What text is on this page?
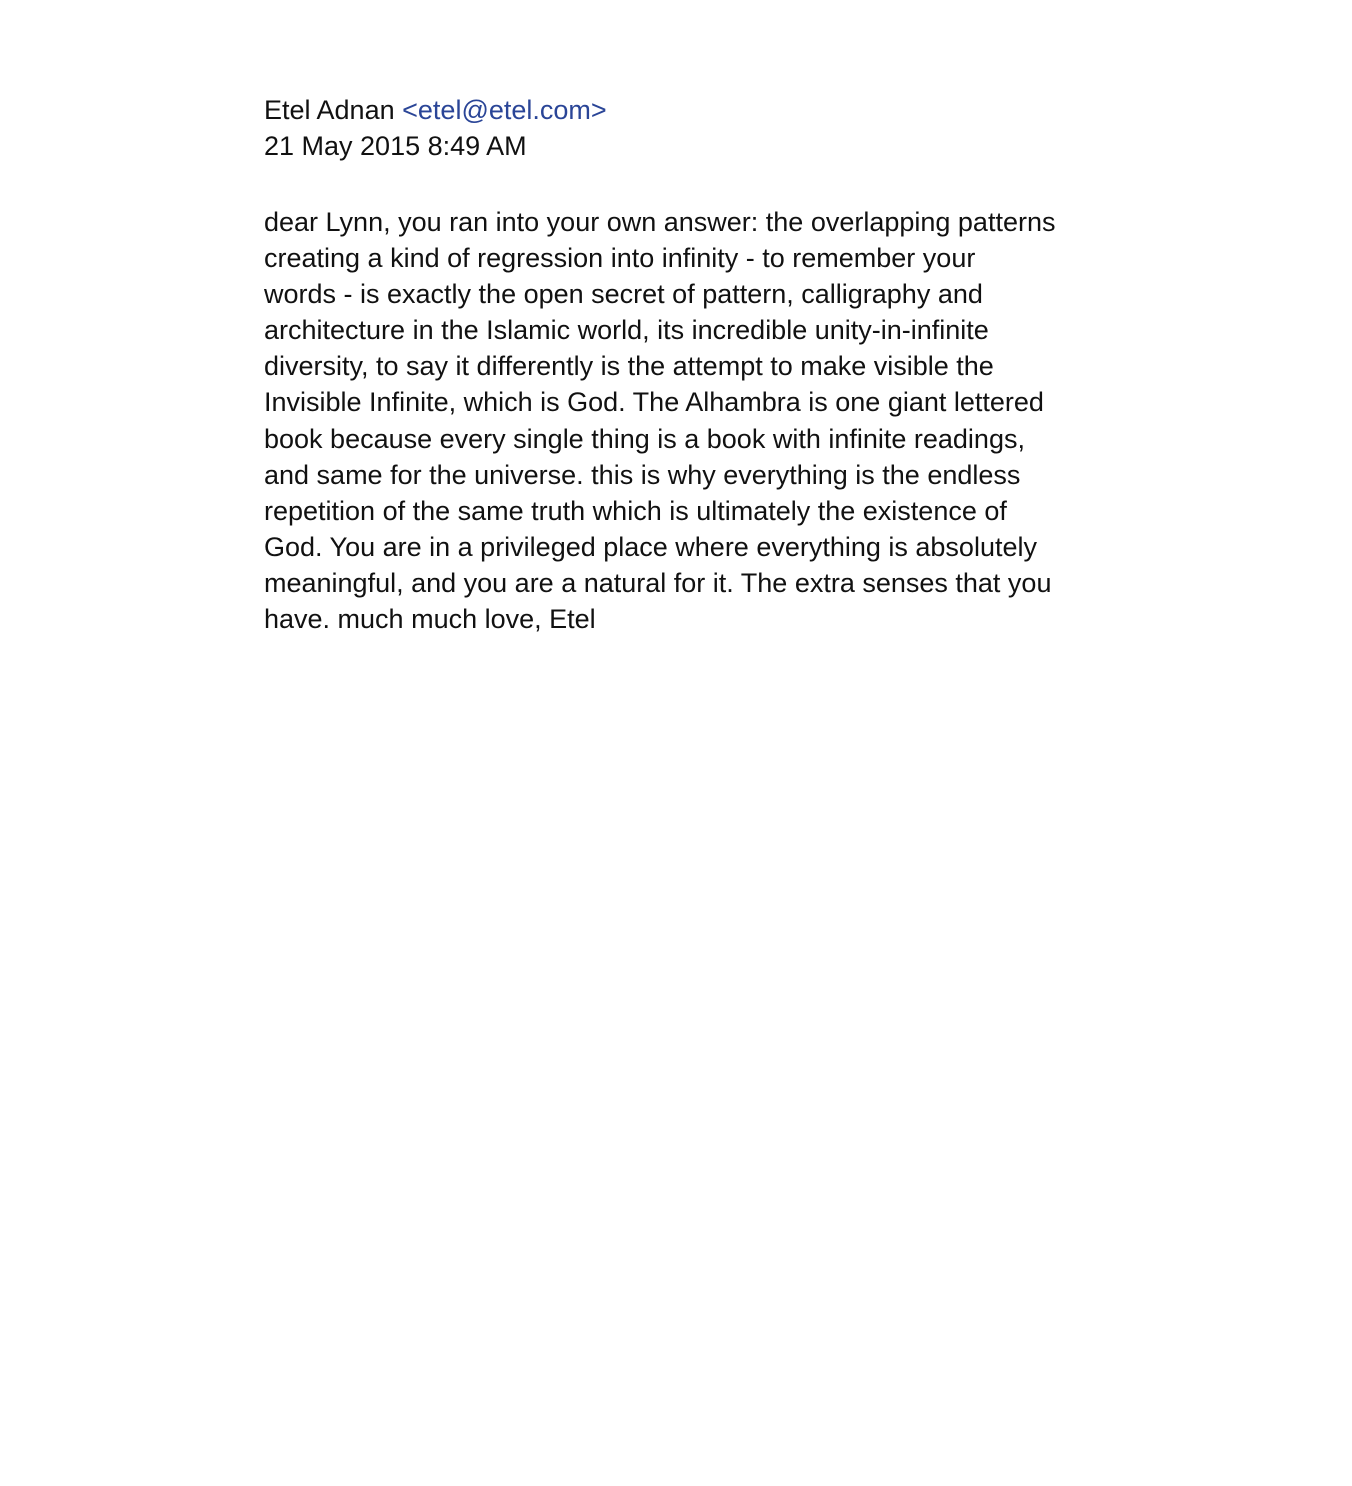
Etel Adnan <etel@etel.com>
21 May 2015 8:49 AM
dear Lynn, you ran into your own answer: the overlapping patterns
creating a kind of regression into infinity - to remember your
words - is exactly the open secret of pattern, calligraphy and
architecture in the Islamic world, its incredible unity-in-infinite
diversity, to say it differently is the attempt to make visible the
Invisible Infinite, which is God. The Alhambra is one giant lettered
book because every single thing is a book with infinite readings,
and same for the universe. this is why everything is the endless
repetition of the same truth which is ultimately the existence of
God. You are in a privileged place where everything is absolutely
meaningful, and you are a natural for it. The extra senses that you
have. much much love, Etel
